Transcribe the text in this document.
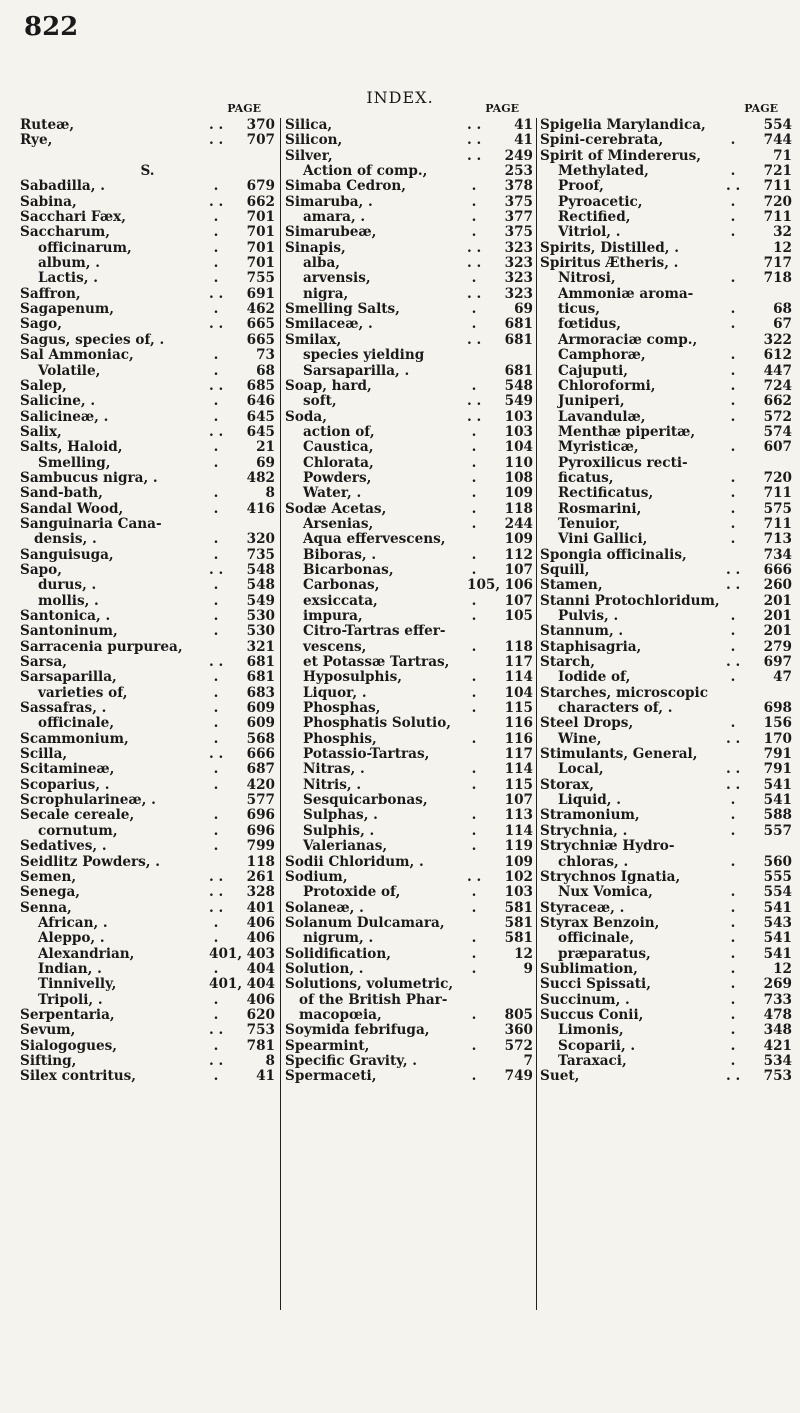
822
INDEX.
PAGE
Ruteæ,	. .	370
Rye,	. .	707
S.
Sabadilla, .	.	679
Sabina,	. .	662
Sacchari Fæx,	.	701
Saccharum,	.	701
officinarum,	.	701
album, .	.	701
Lactis, .	.	755
Saffron,	. .	691
Sagapenum,	.	462
Sago,	. .	665
Sagus, species of, .	665
Sal Ammoniac,	.	73
Volatile,	.	68
Salep,	. .	685
Salicine, .	.	646
Salicineæ, .	.	645
Salix,	. .	645
Salts, Haloid,	.	21
Smelling,	.	69
Sambucus nigra, .	482
Sand-bath,	.	8
Sandal Wood,	.	416
Sanguinaria Cana-
densis, .	.	320
Sanguisuga,	.	735
Sapo,	. .	548
durus, .	.	548
mollis, .	.	549
Santonica, .	.	530
Santoninum,	.	530
Sarracenia purpurea,	321
Sarsa,	. .	681
Sarsaparilla,	.	681
varieties of,	.	683
Sassafras, .	.	609
officinale,	.	609
Scammonium,	.	568
Scilla,	. .	666
Scitamineæ,	.	687
Scoparius, .	.	420
Scrophularineæ, .	577
Secale cereale,	.	696
cornutum,	.	696
Sedatives, .	.	799
Seidlitz Powders, .	118
Semen,	. .	261
Senega,	. .	328
Senna,	. .	401
African, .	.	406
Aleppo, .	.	406
Alexandrian,	401, 403
Indian, .	.	404
Tinnivelly,	401, 404
Tripoli, .	.	406
Serpentaria,	.	620
Sevum,	. .	753
Sialogogues,	.	781
Sifting,	. .	8
Silex contritus,	.	41
PAGE
Silica,	. .	41
Silicon,	. .	41
Silver,	. .	249
Action of comp.,	253
Simaba Cedron,	.	378
Simaruba, .	.	375
amara, .	.	377
Simarubeæ,	.	375
Sinapis,	. .	323
alba,	. .	323
arvensis,	.	323
nigra,	. .	323
Smelling Salts,	.	69
Smilaceæ, .	.	681
Smilax,	. .	681
species yielding
Sarsaparilla, .	681
Soap, hard,	.	548
soft,	. .	549
Soda,	. .	103
action of,	.	103
Caustica,	.	104
Chlorata,	.	110
Powders,	.	108
Water, .	.	109
Sodæ Acetas,	.	118
Arsenias,	.	244
Aqua effervescens,	109
Biboras, .	.	112
Bicarbonas,	.	107
Carbonas,	105, 106
exsiccata,	.	107
impura,	.	105
Citro-Tartras effer-
vescens,	.	118
et Potassæ Tartras,	117
Hyposulphis,	.	114
Liquor, .	.	104
Phosphas,	.	115
Phosphatis Solutio,	116
Phosphis,	.	116
Potassio-Tartras,	117
Nitras, .	.	114
Nitris, .	.	115
Sesquicarbonas,	107
Sulphas, .	.	113
Sulphis, .	.	114
Valerianas,	.	119
Sodii Chloridum, .	109
Sodium,	. .	102
Protoxide of,	.	103
Solaneæ, .	.	581
Solanum Dulcamara,	581
nigrum, .	.	581
Solidification,	.	12
Solution, .	.	9
Solutions, volumetric,
of the British Phar-
macopœia,	.	805
Soymida febrifuga,	360
Spearmint,	.	572
Specific Gravity, .	7
Spermaceti,	.	749
PAGE
Spigelia Marylandica,	554
Spini-cerebrata,	.	744
Spirit of Mindererus,	71
Methylated,	.	721
Proof,	. .	711
Pyroacetic,	.	720
Rectified,	.	711
Vitriol, .	.	32
Spirits, Distilled, .	12
Spiritus Ætheris, .	717
Nitrosi,	.	718
Ammoniæ aroma-
ticus,	.	68
fœtidus,	.	67
Armoraciæ comp.,	322
Camphoræ,	.	612
Cajuputi,	.	447
Chloroformi,	.	724
Juniperi,	.	662
Lavandulæ,	.	572
Menthæ piperitæ,	574
Myristicæ,	.	607
Pyroxilicus recti-
ficatus,	.	720
Rectificatus,	.	711
Rosmarini,	.	575
Tenuior,	.	711
Vini Gallici,	.	713
Spongia officinalis,	734
Squill,	. .	666
Stamen,	. .	260
Stanni Protochloridum,	201
Pulvis, .	.	201
Stannum, .	.	201
Staphisagria,	.	279
Starch,	. .	697
Iodide of,	.	47
Starches, microscopic
characters of, .	698
Steel Drops,	.	156
Wine,	. .	170
Stimulants, General,	791
Local,	. .	791
Storax,	. .	541
Liquid, .	.	541
Stramonium,	.	588
Strychnia, .	.	557
Strychniæ Hydro-
chloras, .	.	560
Strychnos Ignatia,	555
Nux Vomica,	.	554
Styraceæ, .	.	541
Styrax Benzoin,	.	543
officinale,	.	541
præparatus,	.	541
Sublimation,	.	12
Succi Spissati,	.	269
Succinum, .	.	733
Succus Conii,	.	478
Limonis,	.	348
Scoparii, .	.	421
Taraxaci,	.	534
Suet,	. .	753
